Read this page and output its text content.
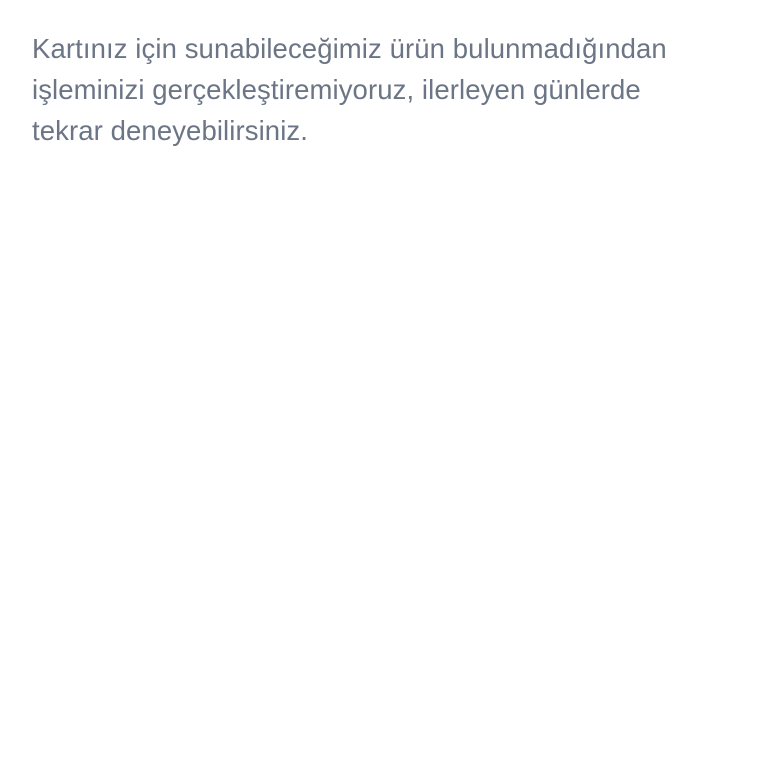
Kartınız için sunabileceğimiz ürün bulunmadığından işleminizi gerçekleştiremiyoruz, ilerleyen günlerde tekrar deneyebilirsiniz.
